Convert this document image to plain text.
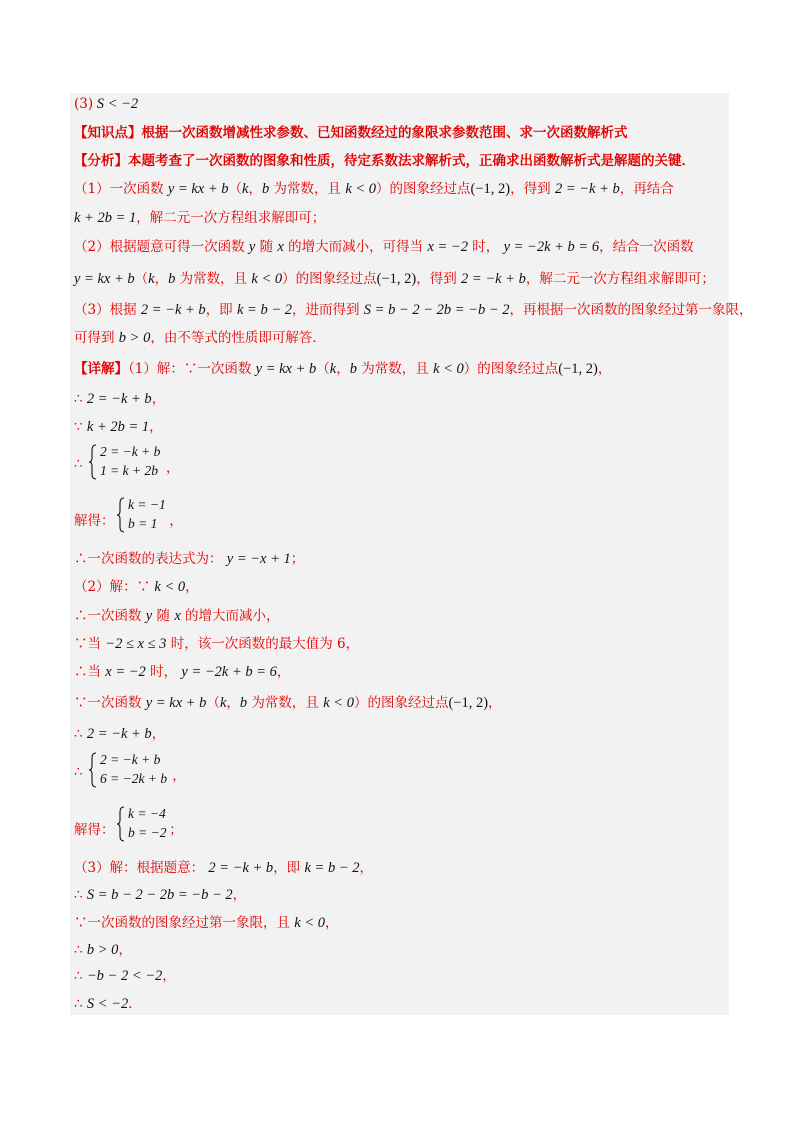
(3) S < −2
【知识点】根据一次函数增减性求参数、已知函数经过的象限求参数范围、求一次函数解析式
【分析】本题考查了一次函数的图象和性质，待定系数法求解析式，正确求出函数解析式是解题的关键．
（1）一次函数 y = kx + b（k，b 为常数，且 k < 0）的图象经过点(−1, 2)，得到 2 = −k + b，再结合
k + 2b = 1，解二元一次方程组求解即可；
（2）根据题意可得一次函数 y 随 x 的增大而减小，可得当 x = −2 时， y = −2k + b = 6，结合一次函数
y = kx + b（k，b 为常数，且 k < 0）的图象经过点(−1, 2)，得到 2 = −k + b，解二元一次方程组求解即可；
（3）根据 2 = −k + b，即 k = b − 2，进而得到 S = b − 2 − 2b = −b − 2，再根据一次函数的图象经过第一象限，
可得到 b > 0，由不等式的性质即可解答．
【详解】（1）解：∵一次函数 y = kx + b（k，b 为常数，且 k < 0）的图象经过点(−1, 2)，
∴ 2 = −k + b，
∵ k + 2b = 1，
∴一次函数的表达式为： y = −x + 1；
（2）解：∵ k < 0，
∴一次函数 y 随 x 的增大而减小，
∵当 −2 ≤ x ≤ 3 时，该一次函数的最大值为 6，
∴当 x = −2 时， y = −2k + b = 6，
∵一次函数 y = kx + b（k，b 为常数，且 k < 0）的图象经过点(−1, 2)，
∴ 2 = −k + b，
（3）解：根据题意： 2 = −k + b，即 k = b − 2，
∴ S = b − 2 − 2b = −b − 2，
∵一次函数的图象经过第一象限，且 k < 0，
∴ b > 0，
∴ −b − 2 < −2，
∴ S < −2．
∴
2 = −k + b
1 = k + 2b ，
解得：
k = −1
b = 1 ，
∴
2 = −k + b
6 = −2k + b ，
解得：
k = −4
b = −2 ；
